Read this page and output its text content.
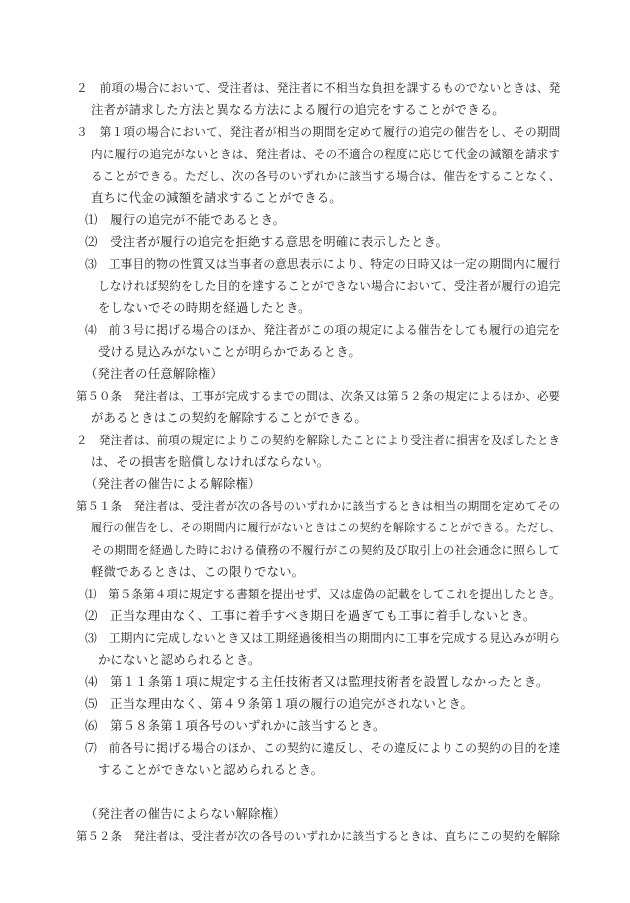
２　前項の場合において、受注者は、発注者に不相当な負担を課するものでないときは、発
注者が請求した方法と異なる方法による履行の追完をすることができる。
３　第１項の場合において、発注者が相当の期間を定めて履行の追完の催告をし、その期間
内に履行の追完がないときは、発注者は、その不適合の程度に応じて代金の減額を請求す
ることができる。ただし、次の各号のいずれかに該当する場合は、催告をすることなく、
直ちに代金の減額を請求することができる。
⑴　履行の追完が不能であるとき。
⑵　受注者が履行の追完を拒絶する意思を明確に表示したとき。
⑶　工事目的物の性質又は当事者の意思表示により、特定の日時又は一定の期間内に履行
しなければ契約をした目的を達することができない場合において、受注者が履行の追完
をしないでその時期を経過したとき。
⑷　前３号に掲げる場合のほか、発注者がこの項の規定による催告をしても履行の追完を
受ける見込みがないことが明らかであるとき。
（発注者の任意解除権）
第５０条　発注者は、工事が完成するまでの間は、次条又は第５２条の規定によるほか、必要
があるときはこの契約を解除することができる。
２　発注者は、前項の規定によりこの契約を解除したことにより受注者に損害を及ぼしたとき
は、その損害を賠償しなければならない。
（発注者の催告による解除権）
第５１条　発注者は、受注者が次の各号のいずれかに該当するときは相当の期間を定めてその
履行の催告をし、その期間内に履行がないときはこの契約を解除することができる。ただし、
その期間を経過した時における債務の不履行がこの契約及び取引上の社会通念に照らして
軽微であるときは、この限りでない。
⑴　第５条第４項に規定する書類を提出せず、又は虚偽の記載をしてこれを提出したとき。
⑵　正当な理由なく、工事に着手すべき期日を過ぎても工事に着手しないとき。
⑶　工期内に完成しないとき又は工期経過後相当の期間内に工事を完成する見込みが明ら
かにないと認められるとき。
⑷　第１１条第１項に規定する主任技術者又は監理技術者を設置しなかったとき。
⑸　正当な理由なく、第４９条第１項の履行の追完がされないとき。
⑹　第５８条第１項各号のいずれかに該当するとき。
⑺　前各号に掲げる場合のほか、この契約に違反し、その違反によりこの契約の目的を達
することができないと認められるとき。
（発注者の催告によらない解除権）
第５２条　発注者は、受注者が次の各号のいずれかに該当するときは、直ちにこの契約を解除
